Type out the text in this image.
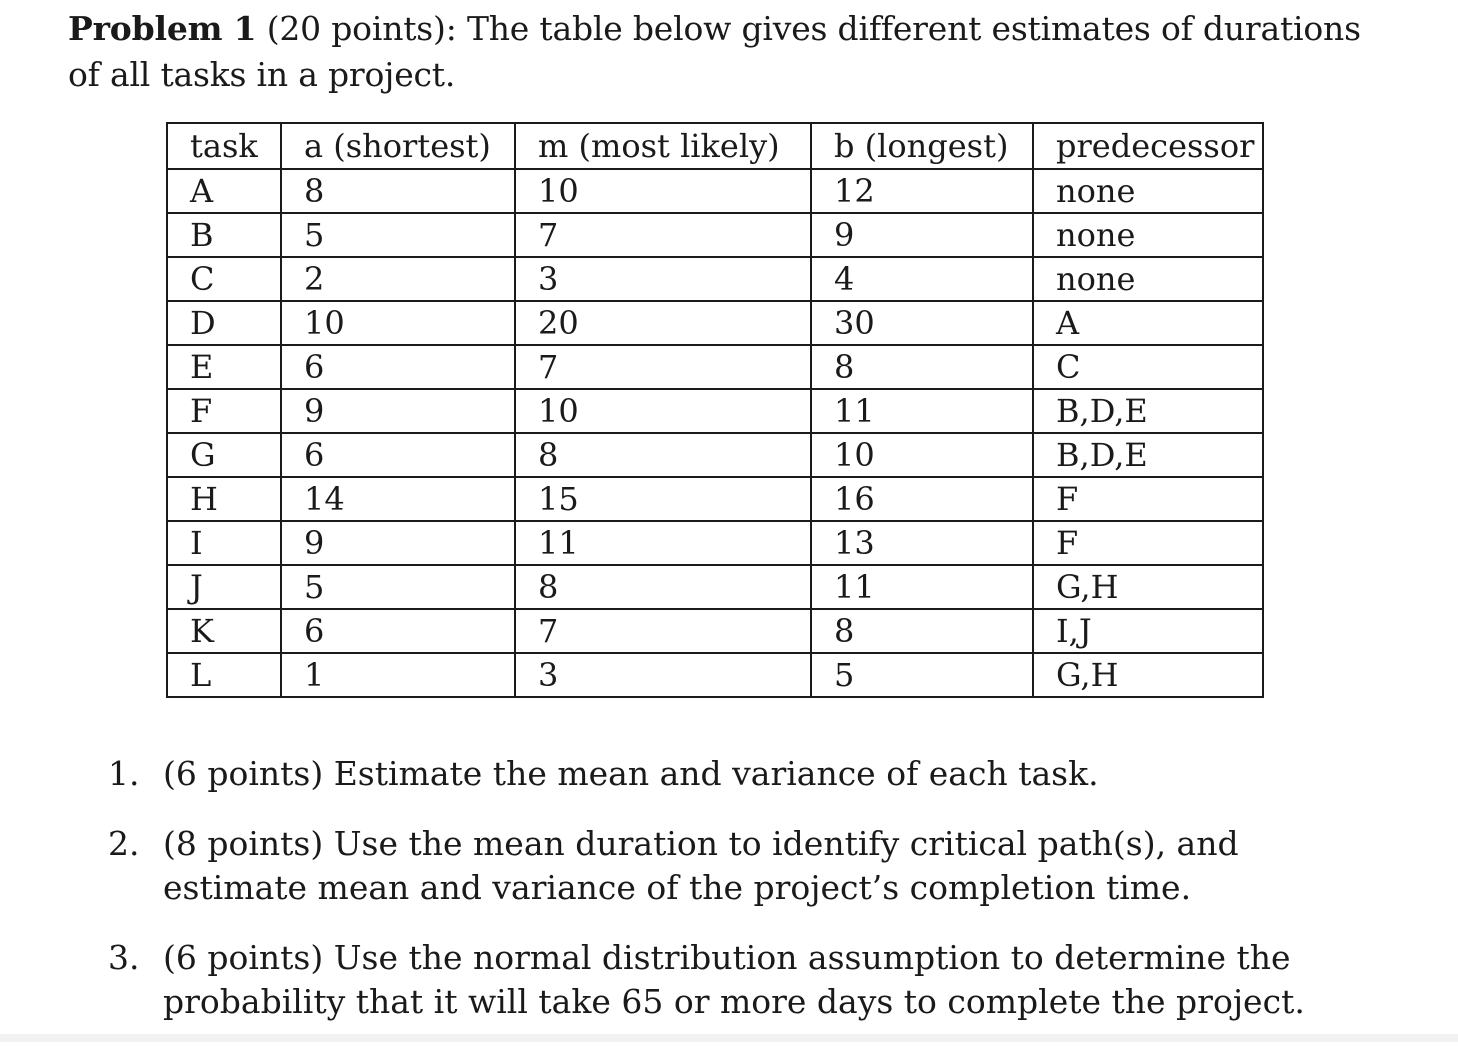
Problem 1 (20 points): The table below gives different estimates of durations of all tasks in a project.
task	a (shortest)	m (most likely)	b (longest)	predecessor
A	8	10	12	none
B	5	7	9	none
C	2	3	4	none
D	10	20	30	A
E	6	7	8	C
F	9	10	11	B,D,E
G	6	8	10	B,D,E
H	14	15	16	F
I	9	11	13	F
J	5	8	11	G,H
K	6	7	8	I,J
L	1	3	5	G,H
1. (6 points) Estimate the mean and variance of each task.
2. (8 points) Use the mean duration to identify critical path(s), and estimate mean and variance of the project’s completion time.
3. (6 points) Use the normal distribution assumption to determine the probability that it will take 65 or more days to complete the project.
